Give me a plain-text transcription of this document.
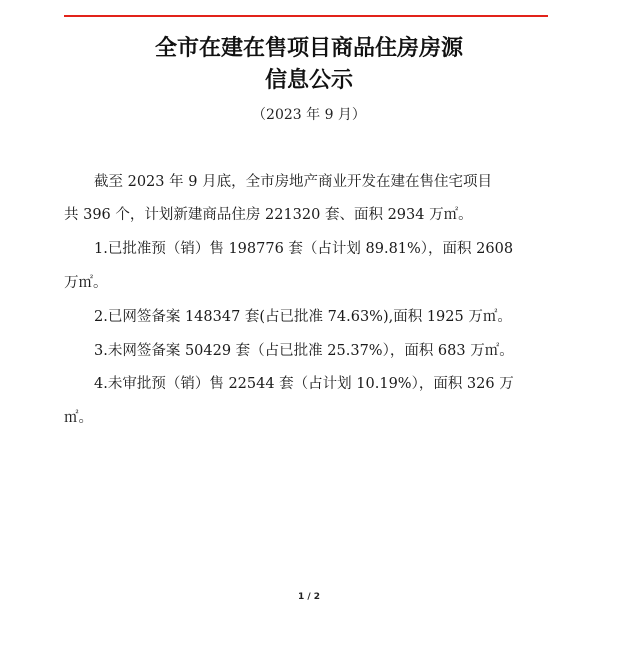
全市在建在售项目商品住房房源
信息公示
（2023 年 9 月）
截至 2023 年 9 月底，全市房地产商业开发在建在售住宅项目
共 396 个，计划新建商品住房 221320 套、面积 2934 万㎡。
1.已批准预（销）售 198776 套（占计划 89.81%），面积 2608
万㎡。
2.已网签备案 148347 套(占已批准 74.63%),面积 1925 万㎡。
3.未网签备案 50429 套（占已批准 25.37%），面积 683 万㎡。
4.未审批预（销）售 22544 套（占计划 10.19%），面积 326 万
㎡。
1 / 2
